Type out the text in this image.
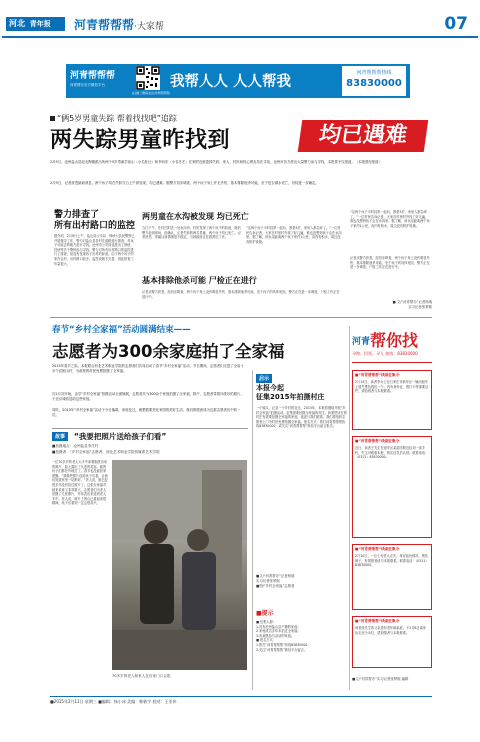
河北 青年报	河青帮帮帮·大家帮	07
河青帮帮帮
河青帮办官方微信平台
(扫描二维码关注河青帮帮帮)
我帮人人 人人帮我
河青帮帮帮热线
83830000
“俩5岁男童失踪 帮着找找吧”追踪
两失踪男童昨找到	均已遇难
2月9日，沧州盐山县赵毛陶镇派出所两个5岁男童学前山（小名杜壮）和李向东（小名冬冬）在家附近被盗掉失踪，家人、村民和热心网友均在寻找，沧州市各方派出大量警力参与寻找，本报曾予以报道。（本报曾经报道）
2月9日，记者获悉最新消息，两个孩子均在失踪当日上午被发现，均已遇难。据警方初步调查，两个孩子身上并无外伤，基本排除他杀可能，至于是否溺水死亡，仍待进一步确定。
警力排查了
所有出村路口的监控
据介绍，2月9日上午，盐山县公安局、刑侦大队民警等已开展搜寻工作，警力对盐山县各村庄道路进行排查，对孩子可能去的地方进行寻找。沧州市公安局也派出了刑侦、技侦等多个警种参与寻找，警力对所有出村路口的监控进行了排查，但没有发现孩子出村的踪迹。由于两个孩子的家在农村，出村路口较多，监控设施不完善，因此排查工作量很大。
两男童在水沟被发现 均已死亡
当日下午，在村庄附近一处水沟内，村民发现了两个孩子的踪迹，随后警方赶到现场，经确认，正是失踪的两名男童，两个孩子均已死亡。记者获悉，家属目前情绪很不稳定，当地政府正在做善后工作。
“这两个孩子平时经常一起玩，都是5岁，家里人都急坏了。”一位村民告诉记者，大家在村里村外找了好几遍，谁也没想到孩子会在水沟里。据了解，该水沟距离两个孩子家约1公里，沟内有积水，周边没有防护设施。
基本排除他杀可能 尸检正在进行
记者从警方获悉，经初步勘查，两个孩子身上没有明显外伤，基本排除他杀可能，至于孩子的具体死因，警方正在进一步调查，尸检工作正在进行中。
“这两个孩子平时经常一起玩，都是5岁，家里人都急坏了。”一位村民告诉记者，大家在村里村外找了好几遍，谁也没想到孩子会在水沟里。据了解，该水沟距离两个孩子家约1公里，沟内有积水，周边没有防护设施。
记者从警方获悉，经初步勘查，两个孩子身上没有明显外伤，基本排除他杀可能，至于孩子的具体死因，警方正在进一步调查，尸检工作正在进行中。
■ 文/“河青帮办”记者杨瑞
实习记者张梦熙
春节“乡村全家福”活动圆满结束——
志愿者为300余家庭拍了全家福
2015年春节之际，本报联合河北艺术职业学院的志愿者们共同启动了春节“乡村全家福”活动，节日期间，志愿者们走进了全省十多个贫困山村，为那里的村民免费拍摄了全家福。
自2月初开始，由学“乡村全家福”拍摄活动全面铺展，志愿者共为300余个家庭拍摄了全家福，除夕，志愿者带着冲洗好的照片，于北京城将送给这些家庭。
同时，2015年“乡村全家福”活动于今日落幕，家庭变迁，就想着要美化家园的美好生活，我们都愿意成为这群志愿者们中的一员。
故事	“我要把照片送给孩子们看”
■拍摄地点：沧州盐县李庄村
■拍摄者：“乡村全家福”志愿者、河北艺术职业学院传媒系艺术学院
一位70多岁的老太太手中拿着刚洗出来的照片，脸上露出了久违的笑容。她的孩子们都在外地打工，春节也没能回家团聚。“我要把照片送给孩子们看，让他们知道家里一切都好。”老人说，她已经很多年没有拍过照片了，这张全家福对她来说意义非常重大。志愿者们为老人拍摄了几张照片，并冲洗出来送到老人手中。老人说，照片上的自己看起来很精神，孩子们看到一定会很高兴。
70多岁的老人和家人在自家门口合影
启示
本报今起
征集2015年拍摄村庄
一个镜头，记录一个乡村的变迁。2015年，本报将继续开展“乡村全家福”拍摄活动，征集需要拍摄全家福的村庄。如果您所在的村庄有需要拍摄全家福的家庭，欢迎与我们联系。我们将组织志愿者上门为村民免费拍摄全家福。报名方式：拨打河青帮帮帮热线83830000，或关注“河青帮帮帮”微信平台留言报名。
■文/“河青帮办”记者杨瑞
实习记者张梦熙
■图/“乡村全家福”志愿者
■提示
■ 征集人群：
1.具有沧州盐山县户籍的家庭；
2.家庭成员多年未拍过全家福；
3.有意愿参与活动的家庭。
■ 报名方式：
1.拨打“河青帮帮帮”热线83830000；
2.关注“河青帮帮帮”微信平台留言。
河青 帮你找
寻物、招领、寻人 热线：83830000
■“河青帮帮帮”线索征集令：
2月13日，读者李女士在石家庄市新华区一辆出租车上遗失黑色钱包一个，内有身份证、银行卡等重要证件，请拾到者与本报联系。
■“河青帮帮帮”线索征集令：
近日，读者王先生在裕华区某超市附近捡到一部手机，失主可联系本报，核实信息后认领。联系电话：（0311）83830000。
■“河青帮帮帮”线索征集令：
2月10日，一位七旬老人走失，身穿蓝色棉袄，黑色裤子，有知情者请与本报联系。联系电话：（0311）83830000。
■“河青帮帮帮”线索征集令：
读者张先生的父亲患有老年痴呆症，于2月8日离家出走至今未归，望知情者与本报联系。
■文/“河青帮办”实习记者张梦熙 编辑
■2015年2月11日 星期三 ■编辑：杨小冰 美编：韩新宇 校对：王亚伟
